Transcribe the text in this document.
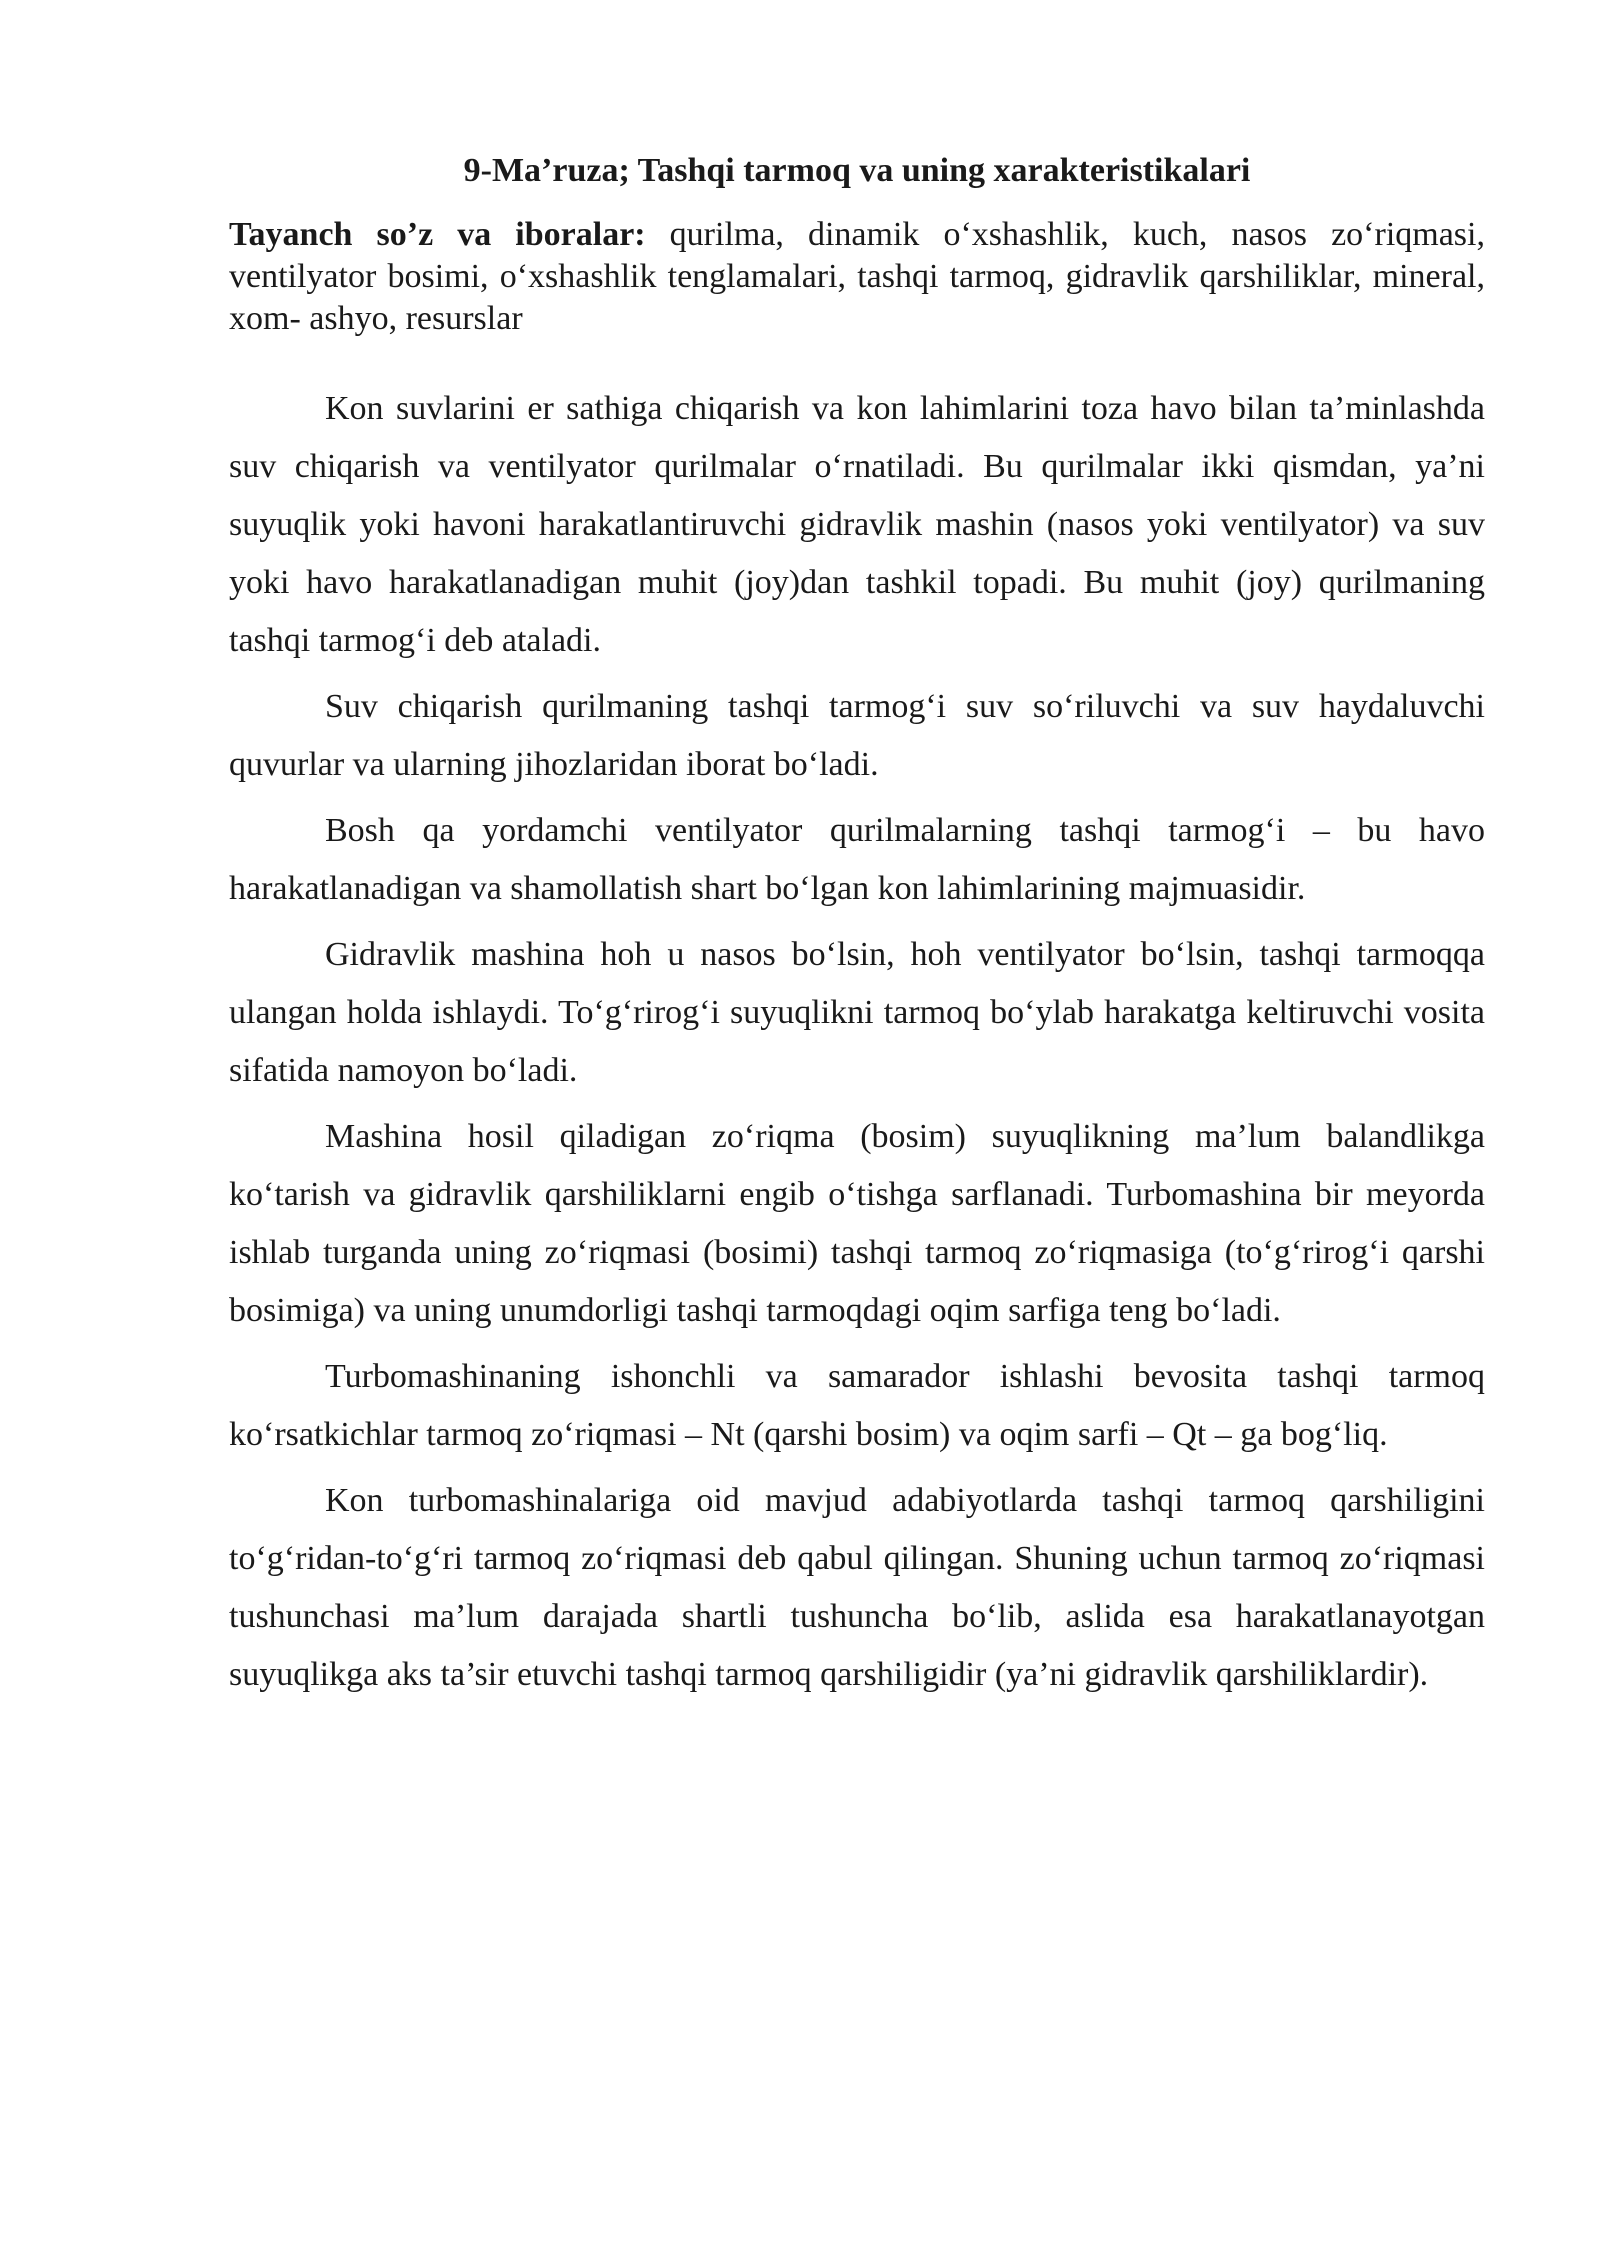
9-Ma’ruza; Tashqi tarmoq va uning xarakteristikalari

Tayanch so’z va iboralar: qurilma, dinamik o‘xshashlik, kuch, nasos zo‘riqmasi, ventilyator bosimi, o‘xshashlik tenglamalari, tashqi tarmoq, gidravlik qarshiliklar, mineral, xom- ashyo, resurslar

Kon suvlarini er sathiga chiqarish va kon lahimlarini toza havo bilan ta’minlashda suv chiqarish va ventilyator qurilmalar o‘rnatiladi. Bu qurilmalar ikki qismdan, ya’ni suyuqlik yoki havoni harakatlantiruvchi gidravlik mashin (nasos yoki ventilyator) va suv yoki havo harakatlanadigan muhit (joy)dan tashkil topadi. Bu muhit (joy) qurilmaning tashqi tarmog‘i deb ataladi.

Suv chiqarish qurilmaning tashqi tarmog‘i suv so‘riluvchi va suv haydaluvchi quvurlar va ularning jihozlaridan iborat bo‘ladi.

Bosh qa yordamchi ventilyator qurilmalarning tashqi tarmog‘i – bu havo harakatlanadigan va shamollatish shart bo‘lgan kon lahimlarining majmuasidir.

Gidravlik mashina hoh u nasos bo‘lsin, hoh ventilyator bo‘lsin, tashqi tarmoqqa ulangan holda ishlaydi. To‘g‘rirog‘i suyuqlikni tarmoq bo‘ylab harakatga keltiruvchi vosita sifatida namoyon bo‘ladi.

Mashina hosil qiladigan zo‘riqma (bosim) suyuqlikning ma’lum balandlikga ko‘tarish va gidravlik qarshiliklarni engib o‘tishga sarflanadi. Turbomashina bir meyorda ishlab turganda uning zo‘riqmasi (bosimi) tashqi tarmoq zo‘riqmasiga (to‘g‘rirog‘i qarshi bosimiga) va uning unumdorligi tashqi tarmoqdagi oqim sarfiga teng bo‘ladi.

Turbomashinaning ishonchli va samarador ishlashi bevosita tashqi tarmoq ko‘rsatkichlar tarmoq zo‘riqmasi – Nt (qarshi bosim) va oqim sarfi – Qt – ga bog‘liq.

Kon turbomashinalariga oid mavjud adabiyotlarda tashqi tarmoq qarshiligini to‘g‘ridan-to‘g‘ri tarmoq zo‘riqmasi deb qabul qilingan. Shuning uchun tarmoq zo‘riqmasi tushunchasi ma’lum darajada shartli tushuncha bo‘lib, aslida esa harakatlanayotgan suyuqlikga aks ta’sir etuvchi tashqi tarmoq qarshiligidir (ya’ni gidravlik qarshiliklardir).
